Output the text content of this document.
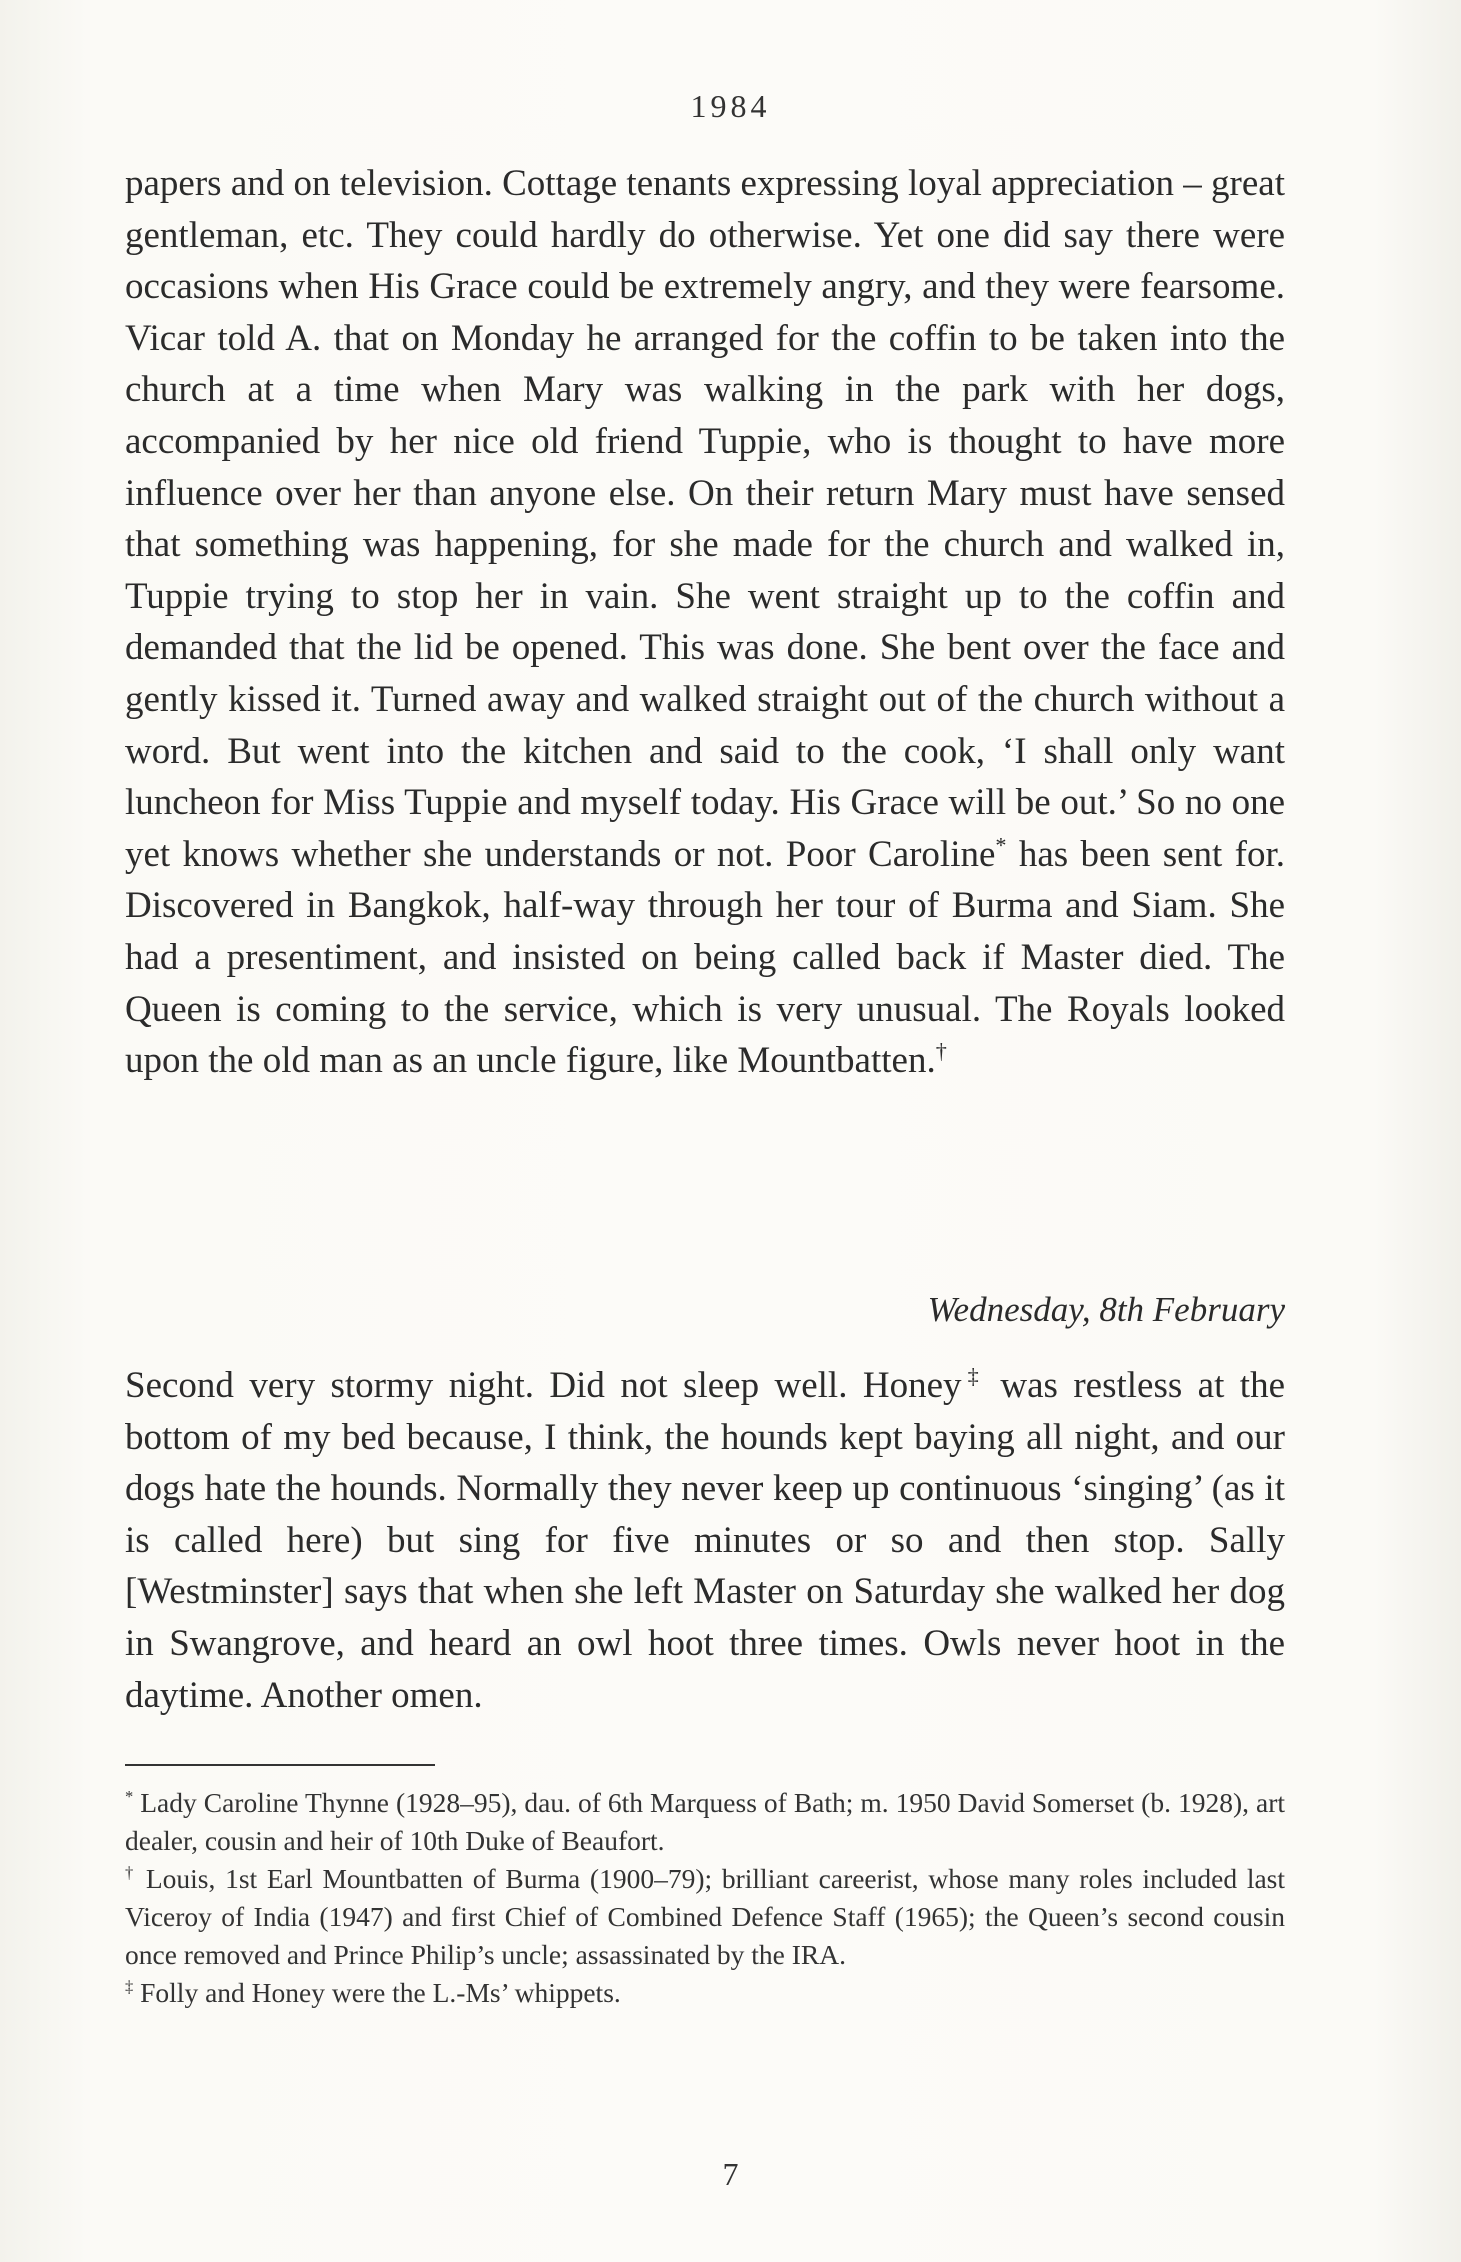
1984

papers and on television. Cottage tenants expressing loyal appreciation – great gentleman, etc. They could hardly do otherwise. Yet one did say there were occasions when His Grace could be extremely angry, and they were fearsome. Vicar told A. that on Monday he arranged for the coffin to be taken into the church at a time when Mary was walking in the park with her dogs, accompanied by her nice old friend Tuppie, who is thought to have more influence over her than anyone else. On their return Mary must have sensed that something was happening, for she made for the church and walked in, Tuppie trying to stop her in vain. She went straight up to the coffin and demanded that the lid be opened. This was done. She bent over the face and gently kissed it. Turned away and walked straight out of the church without a word. But went into the kitchen and said to the cook, ‘I shall only want luncheon for Miss Tuppie and myself today. His Grace will be out.’ So no one yet knows whether she understands or not. Poor Caroline* has been sent for. Discovered in Bangkok, half-way through her tour of Burma and Siam. She had a presentiment, and insisted on being called back if Master died. The Queen is coming to the service, which is very unusual. The Royals looked upon the old man as an uncle figure, like Mountbatten.†

Wednesday, 8th February

Second very stormy night. Did not sleep well. Honey‡ was restless at the bottom of my bed because, I think, the hounds kept baying all night, and our dogs hate the hounds. Normally they never keep up continuous ‘singing’ (as it is called here) but sing for five minutes or so and then stop. Sally [Westminster] says that when she left Master on Saturday she walked her dog in Swangrove, and heard an owl hoot three times. Owls never hoot in the daytime. Another omen.

* Lady Caroline Thynne (1928–95), dau. of 6th Marquess of Bath; m. 1950 David Somerset (b. 1928), art dealer, cousin and heir of 10th Duke of Beaufort.

† Louis, 1st Earl Mountbatten of Burma (1900–79); brilliant careerist, whose many roles included last Viceroy of India (1947) and first Chief of Combined Defence Staff (1965); the Queen’s second cousin once removed and Prince Philip’s uncle; assassinated by the IRA.

‡ Folly and Honey were the L.-Ms’ whippets.

7
